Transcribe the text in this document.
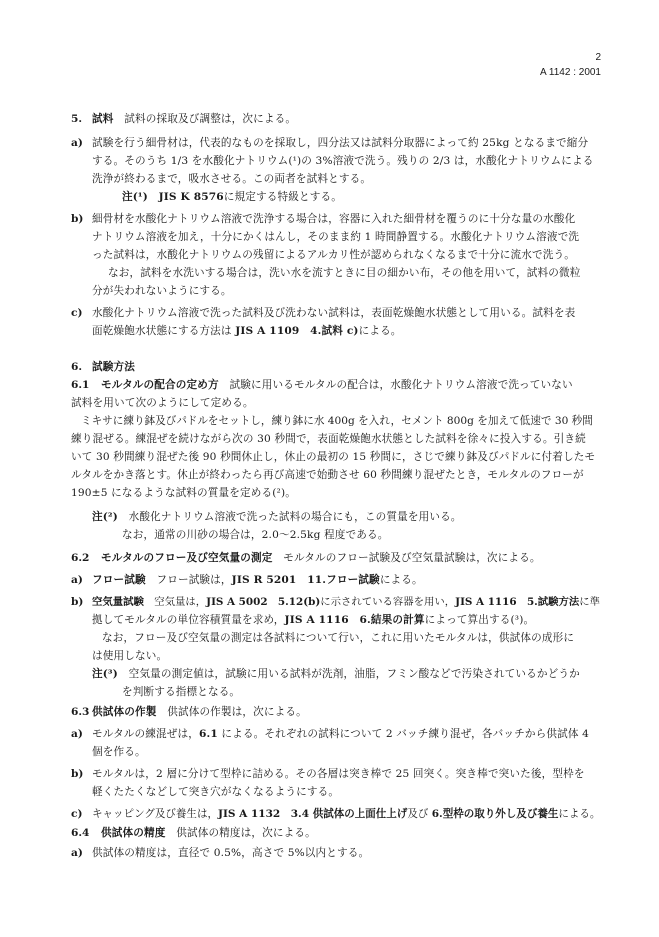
2
A 1142 : 2001
5. 試料　試料の採取及び調整は，次による。
a) 試験を行う細骨材は，代表的なものを採取し，四分法又は試料分取器によって約 25kg となるまで縮分
する。そのうち 1/3 を水酸化ナトリウム(¹)の 3%溶液で洗う。残りの 2/3 は，水酸化ナトリウムによる
洗浄が終わるまで，吸水させる。この両者を試料とする。
注(¹)　JIS K 8576に規定する特級とする。
b) 細骨材を水酸化ナトリウム溶液で洗浄する場合は，容器に入れた細骨材を覆うのに十分な量の水酸化
ナトリウム溶液を加え，十分にかくはんし，そのまま約 1 時間静置する。水酸化ナトリウム溶液で洗
った試料は，水酸化ナトリウムの残留によるアルカリ性が認められなくなるまで十分に流水で洗う。
なお，試料を水洗いする場合は，洗い水を流すときに目の細かい布，その他を用いて，試料の微粒
分が失われないようにする。
c) 水酸化ナトリウム溶液で洗った試料及び洗わない試料は，表面乾燥飽水状態として用いる。試料を表
面乾燥飽水状態にする方法は JIS A 1109　4.試料 c)による。
6. 試験方法
6.1 モルタルの配合の定め方　試験に用いるモルタルの配合は，水酸化ナトリウム溶液で洗っていない
試料を用いて次のようにして定める。
ミキサに練り鉢及びパドルをセットし，練り鉢に水 400g を入れ，セメント 800g を加えて低速で 30 秒間
練り混ぜる。練混ぜを続けながら次の 30 秒間で，表面乾燥飽水状態とした試料を徐々に投入する。引き続
いて 30 秒間練り混ぜた後 90 秒間休止し，休止の最初の 15 秒間に，さじで練り鉢及びパドルに付着したモ
ルタルをかき落とす。休止が終わったら再び高速で始動させ 60 秒間練り混ぜたとき，モルタルのフローが
190±5 になるような試料の質量を定める(²)。
注(²)　水酸化ナトリウム溶液で洗った試料の場合にも，この質量を用いる。
なお，通常の川砂の場合は，2.0〜2.5kg 程度である。
6.2 モルタルのフロー及び空気量の測定　モルタルのフロー試験及び空気量試験は，次による。
a) フロー試験　フロー試験は，JIS R 5201　11.フロー試験による。
b) 空気量試験　空気量は，JIS A 5002　5.12(b)に示されている容器を用い，JIS A 1116　5.試験方法に準
拠してモルタルの単位容積質量を求め，JIS A 1116　6.結果の計算によって算出する(³)。
なお，フロー及び空気量の測定は各試料について行い，これに用いたモルタルは，供試体の成形に
は使用しない。
注(³)　空気量の測定値は，試験に用いる試料が洗剤，油脂，フミン酸などで汚染されているかどうか
を判断する指標となる。
6.3 供試体の作製　供試体の作製は，次による。
a) モルタルの練混ぜは，6.1 による。それぞれの試料について 2 バッチ練り混ぜ，各バッチから供試体 4
個を作る。
b) モルタルは，2 層に分けて型枠に詰める。その各層は突き棒で 25 回突く。突き棒で突いた後，型枠を
軽くたたくなどして突き穴がなくなるようにする。
c) キャッピング及び養生は，JIS A 1132　3.4 供試体の上面仕上げ及び 6.型枠の取り外し及び養生による。
6.4 供試体の精度　供試体の精度は，次による。
a) 供試体の精度は，直径で 0.5%，高さで 5%以内とする。
